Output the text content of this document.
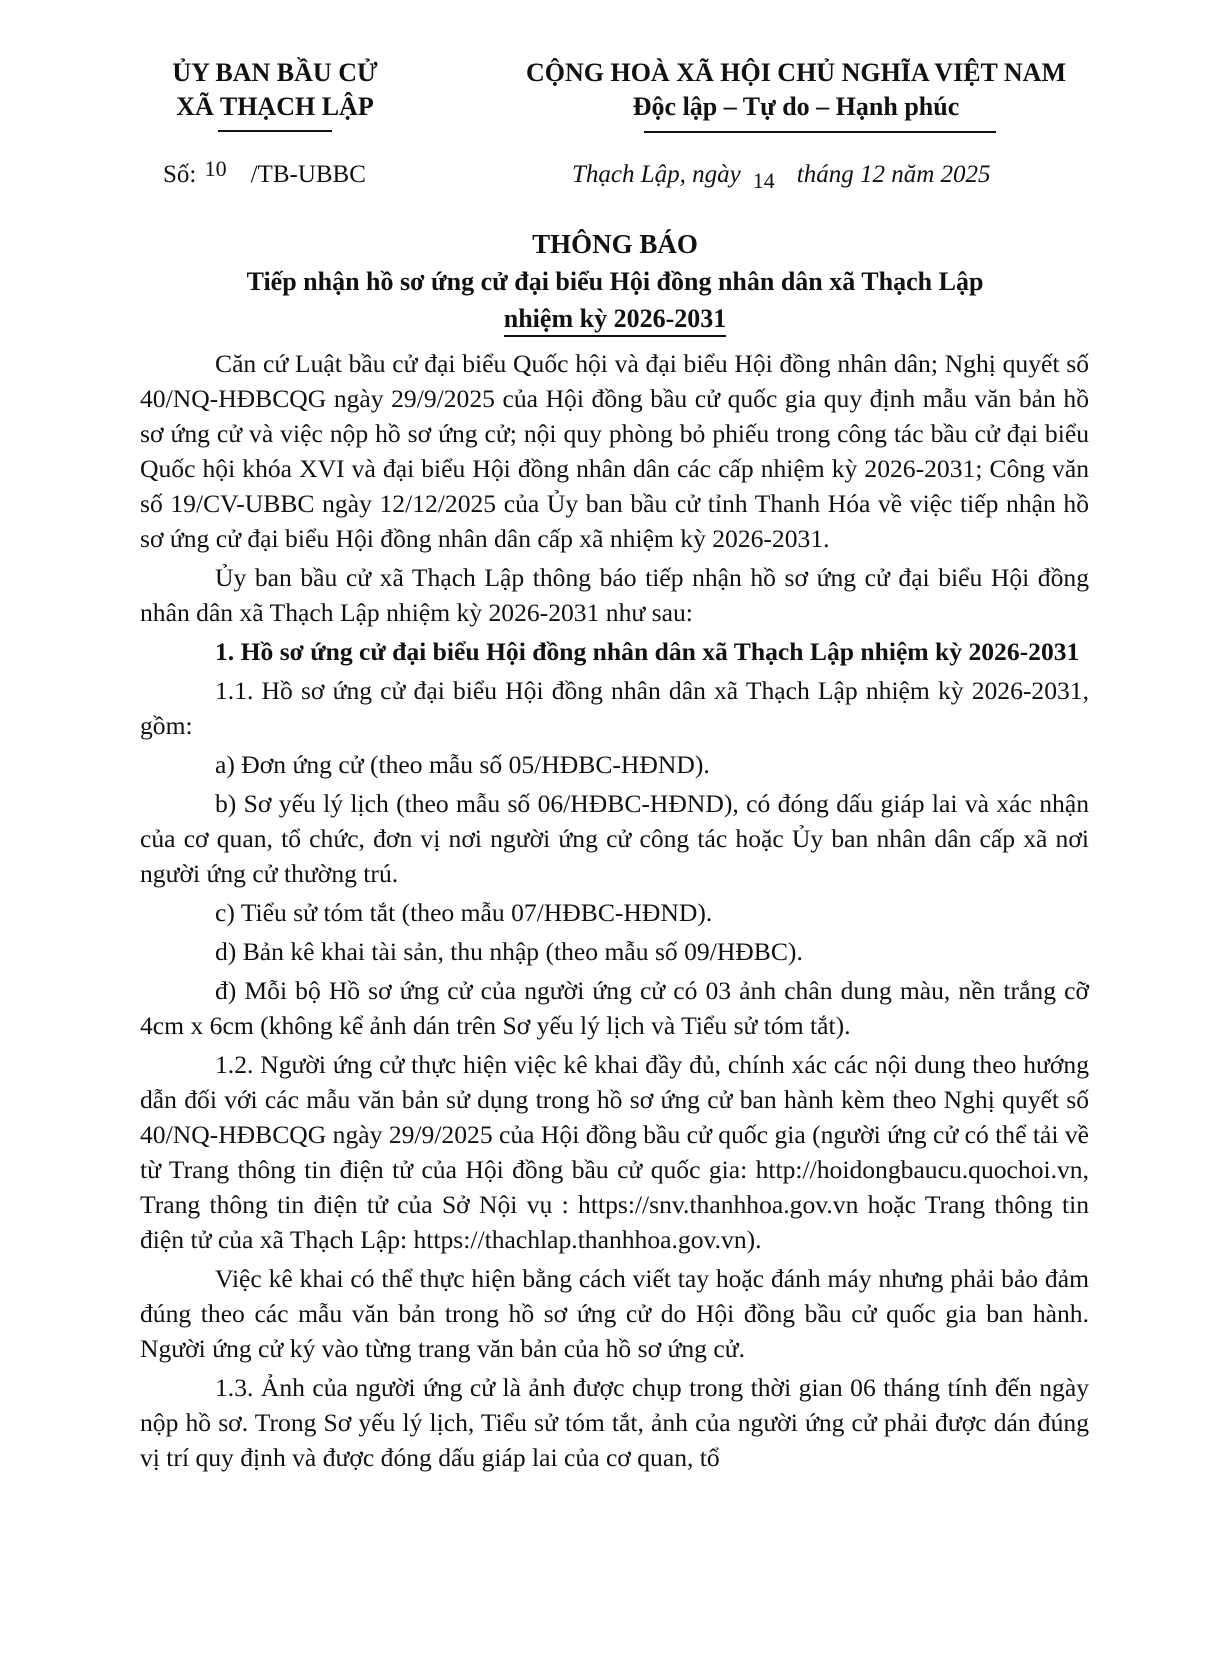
ỦY BAN BẦU CỬ
XÃ THẠCH LẬP
CỘNG HOÀ XÃ HỘI CHỦ NGHĨA VIỆT NAM
Độc lập – Tự do – Hạnh phúc
Số: 10 /TB-UBBC	Thạch Lập, ngày 14 tháng 12 năm 2025
THÔNG BÁO
Tiếp nhận hồ sơ ứng cử đại biểu Hội đồng nhân dân xã Thạch Lập
nhiệm kỳ 2026-2031

Căn cứ Luật bầu cử đại biểu Quốc hội và đại biểu Hội đồng nhân dân; Nghị quyết số 40/NQ-HĐBCQG ngày 29/9/2025 của Hội đồng bầu cử quốc gia quy định mẫu văn bản hồ sơ ứng cử và việc nộp hồ sơ ứng cử; nội quy phòng bỏ phiếu trong công tác bầu cử đại biểu Quốc hội khóa XVI và đại biểu Hội đồng nhân dân các cấp nhiệm kỳ 2026-2031; Công văn số 19/CV-UBBC ngày 12/12/2025 của Ủy ban bầu cử tỉnh Thanh Hóa về việc tiếp nhận hồ sơ ứng cử đại biểu Hội đồng nhân dân cấp xã nhiệm kỳ 2026-2031.

Ủy ban bầu cử xã Thạch Lập thông báo tiếp nhận hồ sơ ứng cử đại biểu Hội đồng nhân dân xã Thạch Lập nhiệm kỳ 2026-2031 như sau:

1. Hồ sơ ứng cử đại biểu Hội đồng nhân dân xã Thạch Lập nhiệm kỳ 2026-2031

1.1. Hồ sơ ứng cử đại biểu Hội đồng nhân dân xã Thạch Lập nhiệm kỳ 2026-2031, gồm:

a) Đơn ứng cử (theo mẫu số 05/HĐBC-HĐND).

b) Sơ yếu lý lịch (theo mẫu số 06/HĐBC-HĐND), có đóng dấu giáp lai và xác nhận của cơ quan, tổ chức, đơn vị nơi người ứng cử công tác hoặc Ủy ban nhân dân cấp xã nơi người ứng cử thường trú.

c) Tiểu sử tóm tắt (theo mẫu 07/HĐBC-HĐND).

d) Bản kê khai tài sản, thu nhập (theo mẫu số 09/HĐBC).

đ) Mỗi bộ Hồ sơ ứng cử của người ứng cử có 03 ảnh chân dung màu, nền trắng cỡ 4cm x 6cm (không kể ảnh dán trên Sơ yếu lý lịch và Tiểu sử tóm tắt).

1.2. Người ứng cử thực hiện việc kê khai đầy đủ, chính xác các nội dung theo hướng dẫn đối với các mẫu văn bản sử dụng trong hồ sơ ứng cử ban hành kèm theo Nghị quyết số 40/NQ-HĐBCQG ngày 29/9/2025 của Hội đồng bầu cử quốc gia (người ứng cử có thể tải về từ Trang thông tin điện tử của Hội đồng bầu cử quốc gia: http://hoidongbaucu.quochoi.vn, Trang thông tin điện tử của Sở Nội vụ : https://snv.thanhhoa.gov.vn hoặc Trang thông tin điện tử của xã Thạch Lập: https://thachlap.thanhhoa.gov.vn).

Việc kê khai có thể thực hiện bằng cách viết tay hoặc đánh máy nhưng phải bảo đảm đúng theo các mẫu văn bản trong hồ sơ ứng cử do Hội đồng bầu cử quốc gia ban hành. Người ứng cử ký vào từng trang văn bản của hồ sơ ứng cử.

1.3. Ảnh của người ứng cử là ảnh được chụp trong thời gian 06 tháng tính đến ngày nộp hồ sơ. Trong Sơ yếu lý lịch, Tiểu sử tóm tắt, ảnh của người ứng cử phải được dán đúng vị trí quy định và được đóng dấu giáp lai của cơ quan, tổ
